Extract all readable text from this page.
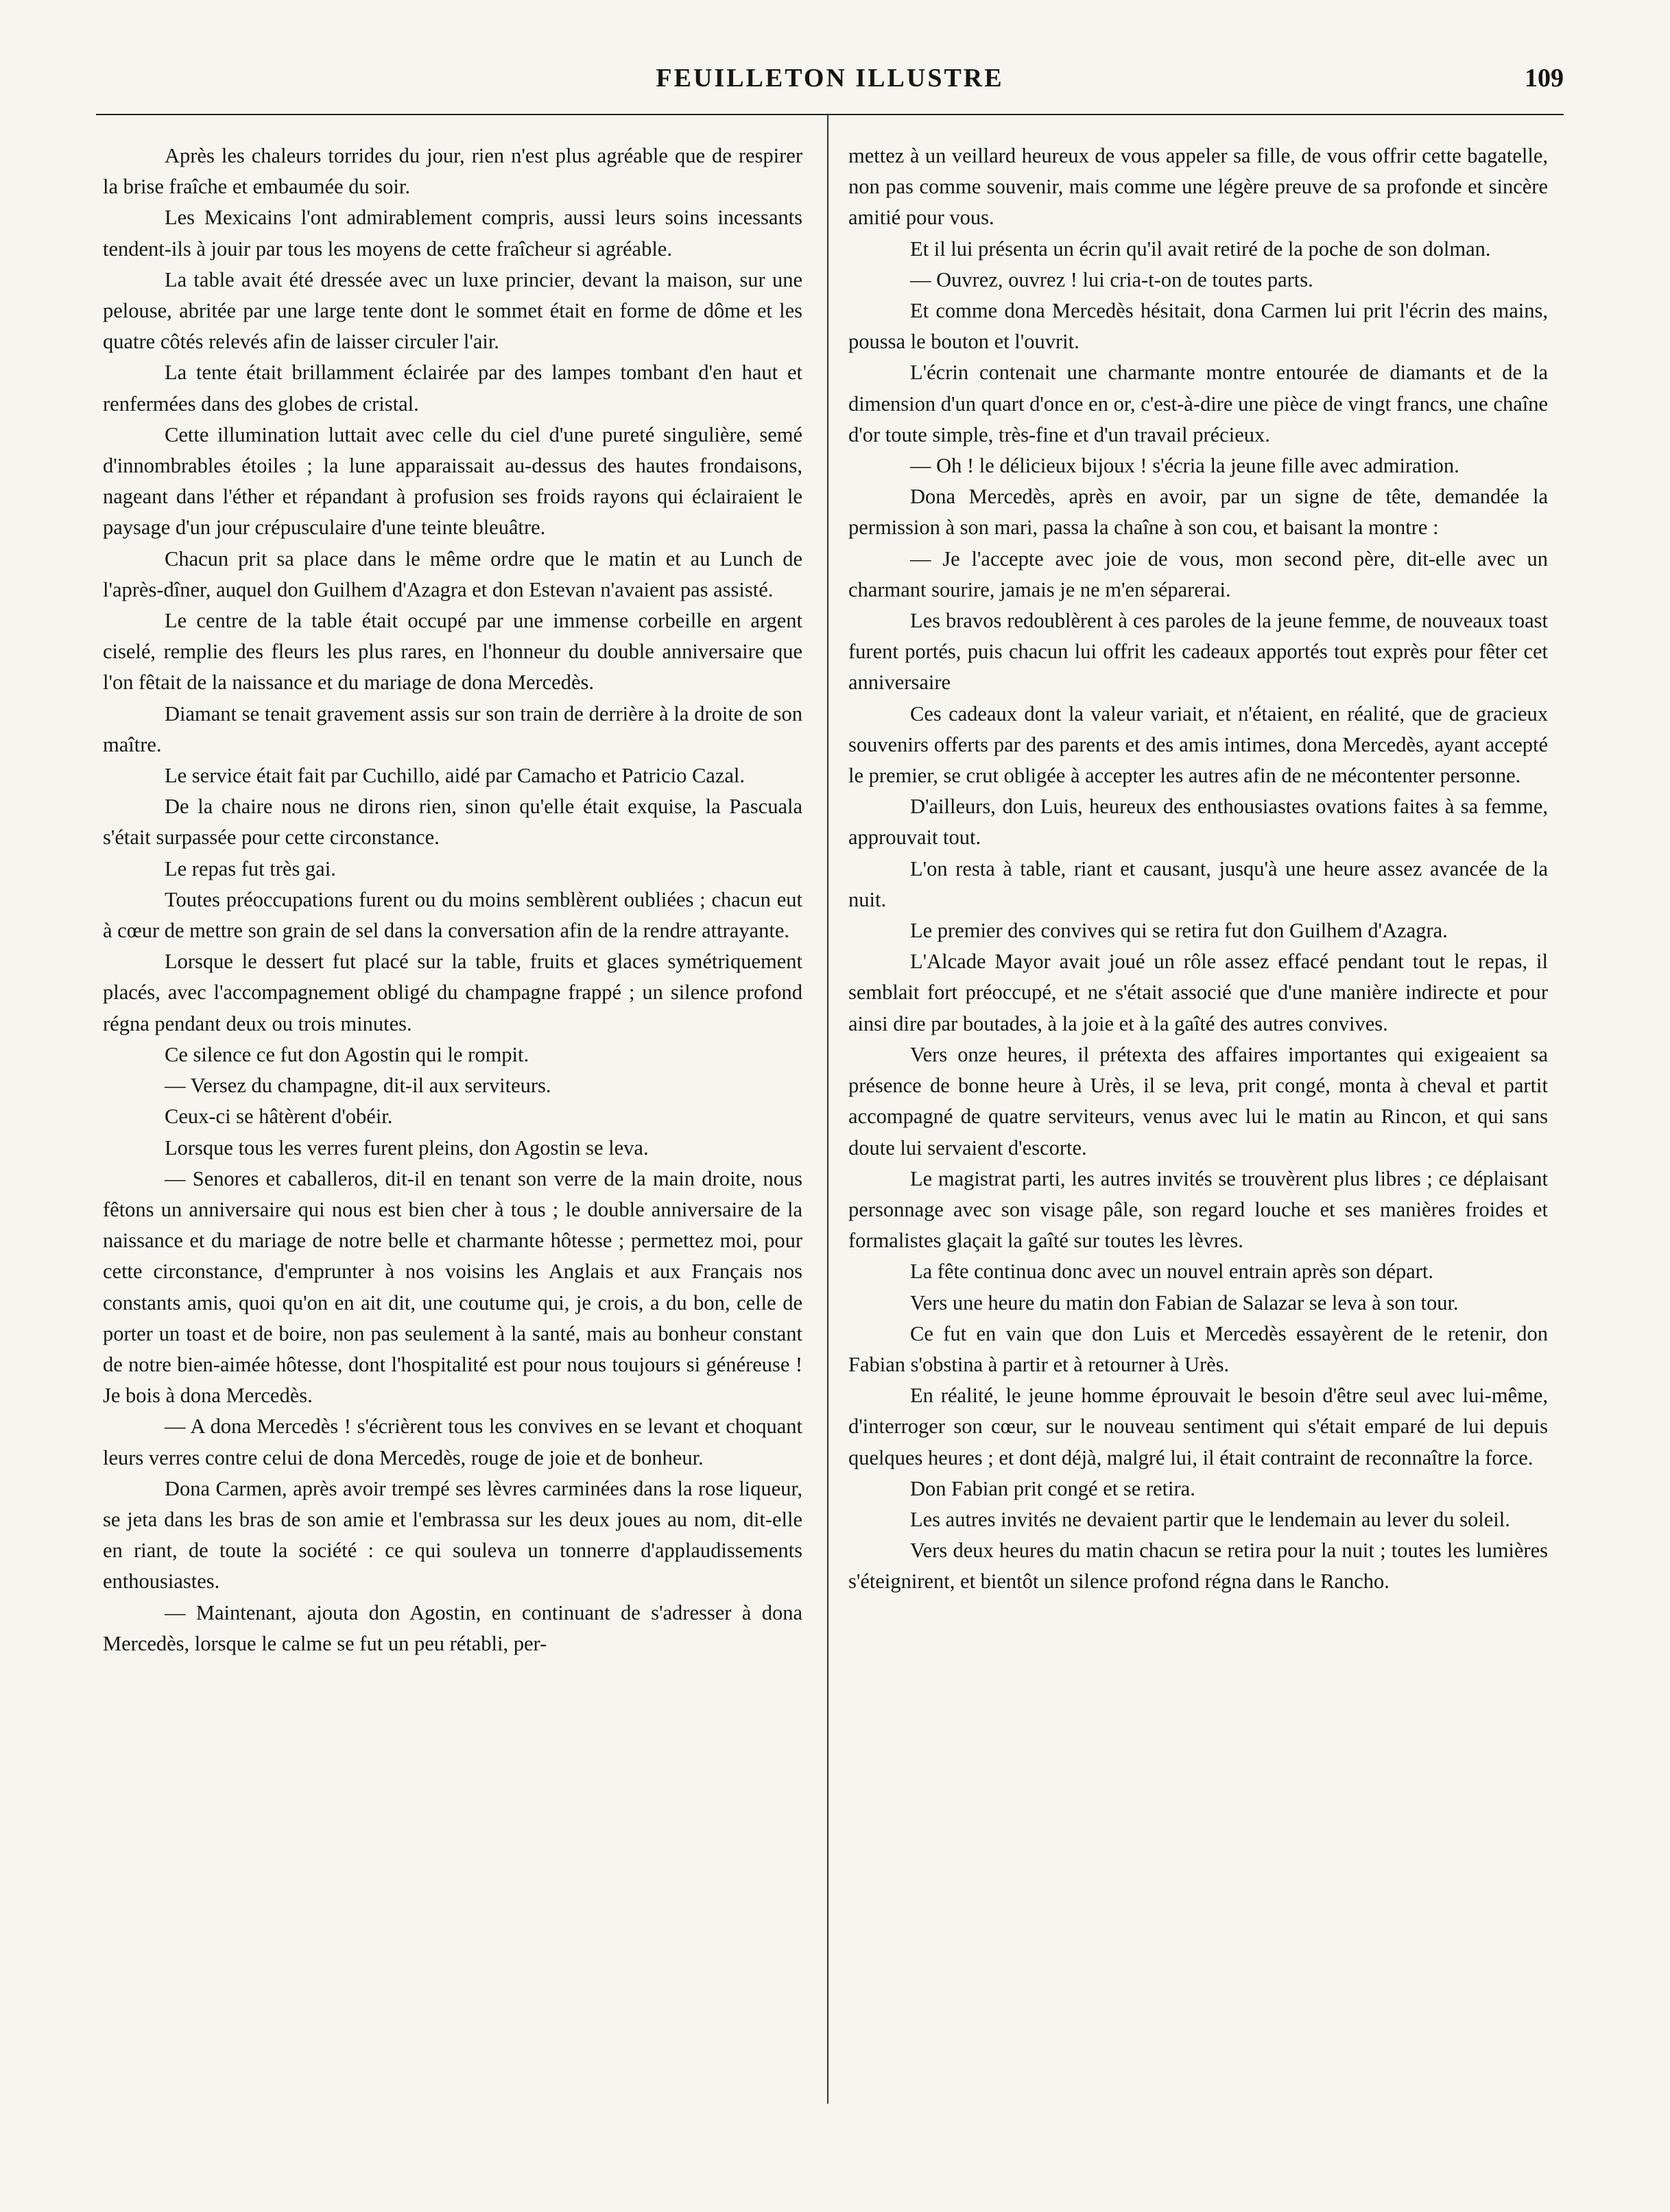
FEUILLETON ILLUSTRE	109

Après les chaleurs torrides du jour, rien n'est plus agréable que de respirer la brise fraîche et embaumée du soir.

Les Mexicains l'ont admirablement compris, aussi leurs soins incessants tendent-ils à jouir par tous les moyens de cette fraîcheur si agréable.

La table avait été dressée avec un luxe princier, devant la maison, sur une pelouse, abritée par une large tente dont le sommet était en forme de dôme et les quatre côtés relevés afin de laisser circuler l'air.

La tente était brillamment éclairée par des lampes tombant d'en haut et renfermées dans des globes de cristal.

Cette illumination luttait avec celle du ciel d'une pureté singulière, semé d'innombrables étoiles ; la lune apparaissait au-dessus des hautes frondaisons, nageant dans l'éther et répandant à profusion ses froids rayons qui éclairaient le paysage d'un jour crépusculaire d'une teinte bleuâtre.

Chacun prit sa place dans le même ordre que le matin et au Lunch de l'après-dîner, auquel don Guilhem d'Azagra et don Estevan n'avaient pas assisté.

Le centre de la table était occupé par une immense corbeille en argent ciselé, remplie des fleurs les plus rares, en l'honneur du double anniversaire que l'on fêtait de la naissance et du mariage de dona Mercedès.

Diamant se tenait gravement assis sur son train de derrière à la droite de son maître.

Le service était fait par Cuchillo, aidé par Camacho et Patricio Cazal.

De la chaire nous ne dirons rien, sinon qu'elle était exquise, la Pascuala s'était surpassée pour cette circonstance.

Le repas fut très gai.

Toutes préoccupations furent ou du moins semblèrent oubliées ; chacun eut à cœur de mettre son grain de sel dans la conversation afin de la rendre attrayante.

Lorsque le dessert fut placé sur la table, fruits et glaces symétriquement placés, avec l'accompagnement obligé du champagne frappé ; un silence profond régna pendant deux ou trois minutes.

Ce silence ce fut don Agostin qui le rompit.

— Versez du champagne, dit-il aux serviteurs.

Ceux-ci se hâtèrent d'obéir.

Lorsque tous les verres furent pleins, don Agostin se leva.

— Senores et caballeros, dit-il en tenant son verre de la main droite, nous fêtons un anniversaire qui nous est bien cher à tous ; le double anniversaire de la naissance et du mariage de notre belle et charmante hôtesse ; permettez moi, pour cette circonstance, d'emprunter à nos voisins les Anglais et aux Français nos constants amis, quoi qu'on en ait dit, une coutume qui, je crois, a du bon, celle de porter un toast et de boire, non pas seulement à la santé, mais au bonheur constant de notre bien-aimée hôtesse, dont l'hospitalité est pour nous toujours si généreuse ! Je bois à dona Mercedès.

— A dona Mercedès ! s'écrièrent tous les convives en se levant et choquant leurs verres contre celui de dona Mercedès, rouge de joie et de bonheur.

Dona Carmen, après avoir trempé ses lèvres carminées dans la rose liqueur, se jeta dans les bras de son amie et l'embrassa sur les deux joues au nom, dit-elle en riant, de toute la société : ce qui souleva un tonnerre d'applaudissements enthousiastes.

— Maintenant, ajouta don Agostin, en continuant de s'adresser à dona Mercedès, lorsque le calme se fut un peu rétabli, per-

mettez à un veillard heureux de vous appeler sa fille, de vous offrir cette bagatelle, non pas comme souvenir, mais comme une légère preuve de sa profonde et sincère amitié pour vous.

Et il lui présenta un écrin qu'il avait retiré de la poche de son dolman.

— Ouvrez, ouvrez ! lui cria-t-on de toutes parts.

Et comme dona Mercedès hésitait, dona Carmen lui prit l'écrin des mains, poussa le bouton et l'ouvrit.

L'écrin contenait une charmante montre entourée de diamants et de la dimension d'un quart d'once en or, c'est-à-dire une pièce de vingt francs, une chaîne d'or toute simple, très-fine et d'un travail précieux.

— Oh ! le délicieux bijoux ! s'écria la jeune fille avec admiration.

Dona Mercedès, après en avoir, par un signe de tête, demandée la permission à son mari, passa la chaîne à son cou, et baisant la montre :

— Je l'accepte avec joie de vous, mon second père, dit-elle avec un charmant sourire, jamais je ne m'en séparerai.

Les bravos redoublèrent à ces paroles de la jeune femme, de nouveaux toast furent portés, puis chacun lui offrit les cadeaux apportés tout exprès pour fêter cet anniversaire

Ces cadeaux dont la valeur variait, et n'étaient, en réalité, que de gracieux souvenirs offerts par des parents et des amis intimes, dona Mercedès, ayant accepté le premier, se crut obligée à accepter les autres afin de ne mécontenter personne.

D'ailleurs, don Luis, heureux des enthousiastes ovations faites à sa femme, approuvait tout.

L'on resta à table, riant et causant, jusqu'à une heure assez avancée de la nuit.

Le premier des convives qui se retira fut don Guilhem d'Azagra.

L'Alcade Mayor avait joué un rôle assez effacé pendant tout le repas, il semblait fort préoccupé, et ne s'était associé que d'une manière indirecte et pour ainsi dire par boutades, à la joie et à la gaîté des autres convives.

Vers onze heures, il prétexta des affaires importantes qui exigeaient sa présence de bonne heure à Urès, il se leva, prit congé, monta à cheval et partit accompagné de quatre serviteurs, venus avec lui le matin au Rincon, et qui sans doute lui servaient d'escorte.

Le magistrat parti, les autres invités se trouvèrent plus libres ; ce déplaisant personnage avec son visage pâle, son regard louche et ses manières froides et formalistes glaçait la gaîté sur toutes les lèvres.

La fête continua donc avec un nouvel entrain après son départ.

Vers une heure du matin don Fabian de Salazar se leva à son tour.

Ce fut en vain que don Luis et Mercedès essayèrent de le retenir, don Fabian s'obstina à partir et à retourner à Urès.

En réalité, le jeune homme éprouvait le besoin d'être seul avec lui-même, d'interroger son cœur, sur le nouveau sentiment qui s'était emparé de lui depuis quelques heures ; et dont déjà, malgré lui, il était contraint de reconnaître la force.

Don Fabian prit congé et se retira.

Les autres invités ne devaient partir que le lendemain au lever du soleil.

Vers deux heures du matin chacun se retira pour la nuit ; toutes les lumières s'éteignirent, et bientôt un silence profond régna dans le Rancho.
